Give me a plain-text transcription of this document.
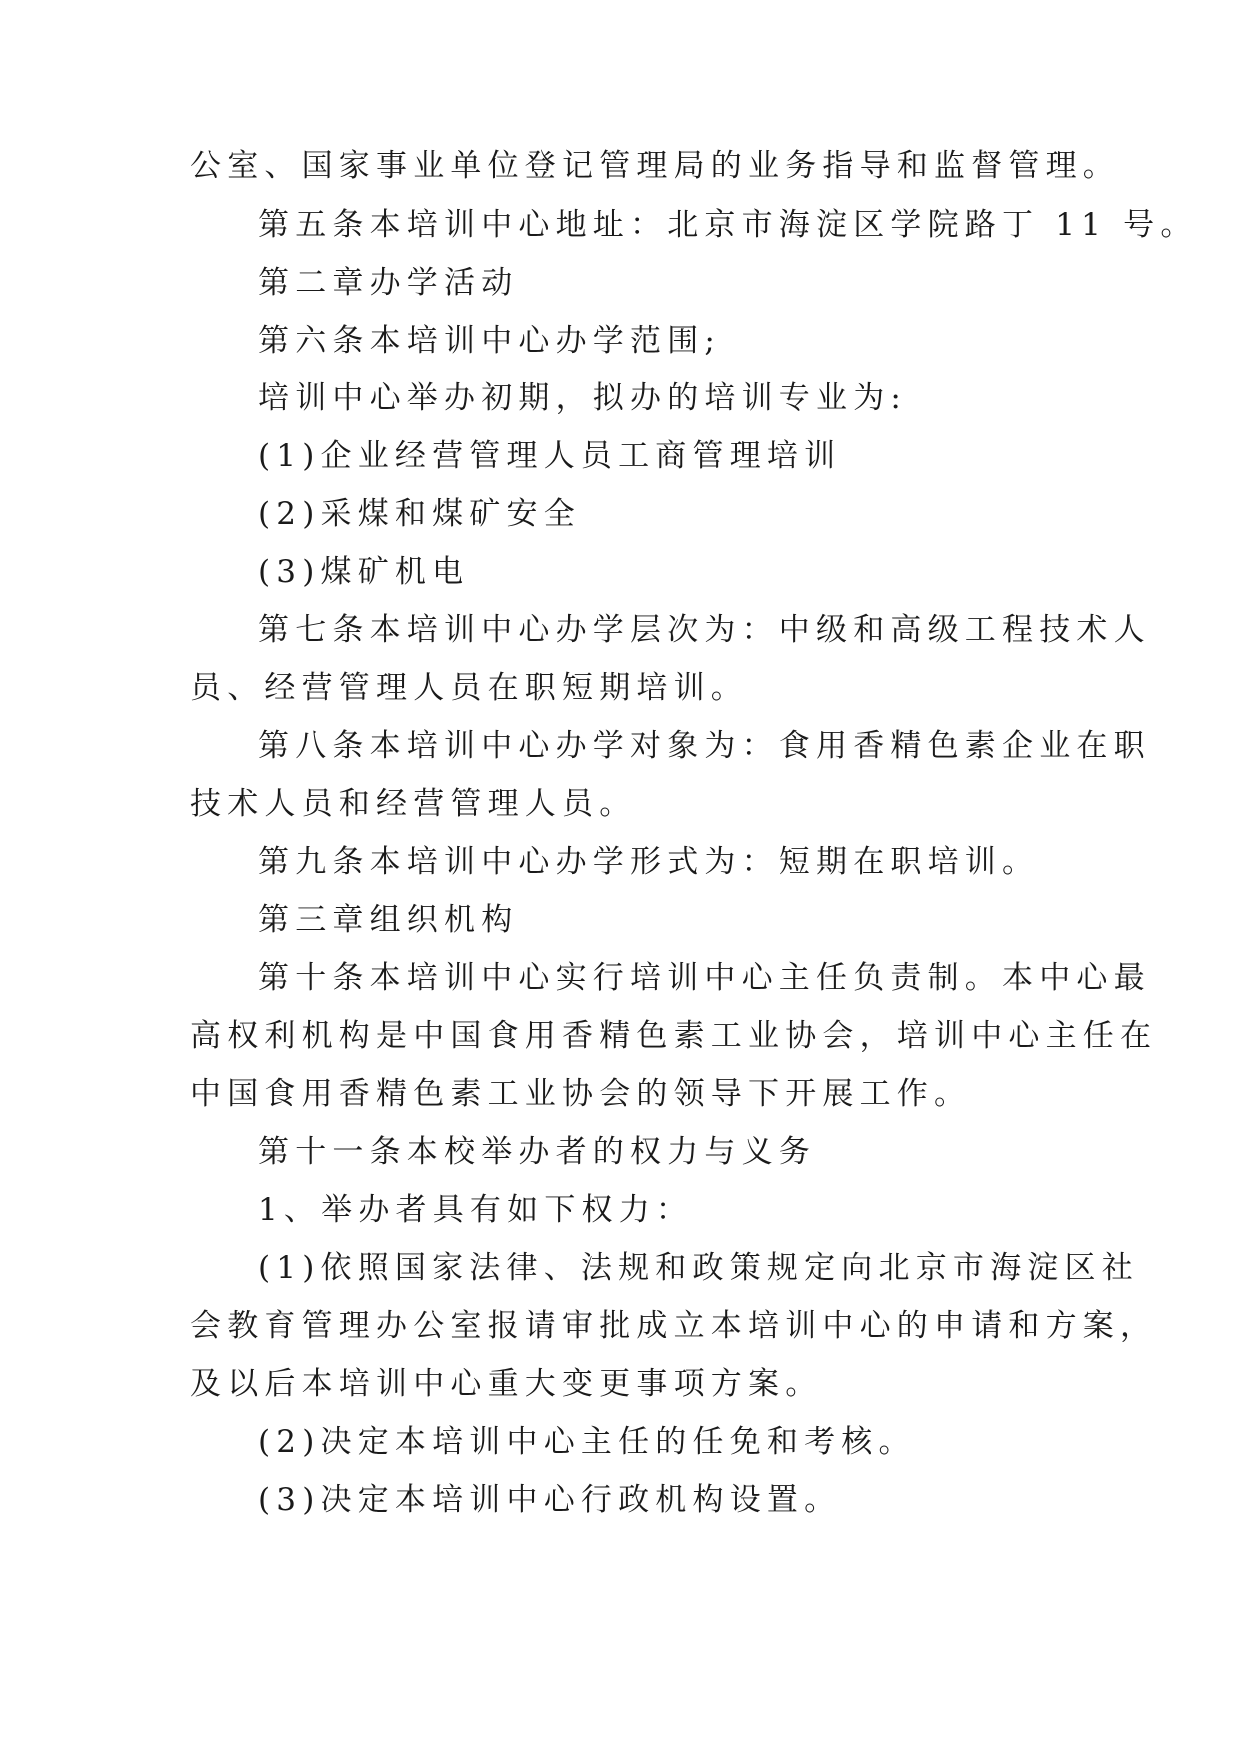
公室、国家事业单位登记管理局的业务指导和监督管理。
第五条本培训中心地址：北京市海淀区学院路丁 11 号。
第二章办学活动
第六条本培训中心办学范围;
培训中心举办初期，拟办的培训专业为:
(1)企业经营管理人员工商管理培训
(2)采煤和煤矿安全
(3)煤矿机电
第七条本培训中心办学层次为：中级和高级工程技术人
员、经营管理人员在职短期培训。
第八条本培训中心办学对象为：食用香精色素企业在职
技术人员和经营管理人员。
第九条本培训中心办学形式为：短期在职培训。
第三章组织机构
第十条本培训中心实行培训中心主任负责制。本中心最
高权利机构是中国食用香精色素工业协会，培训中心主任在
中国食用香精色素工业协会的领导下开展工作。
第十一条本校举办者的权力与义务
1、举办者具有如下权力：
(1)依照国家法律、法规和政策规定向北京市海淀区社
会教育管理办公室报请审批成立本培训中心的申请和方案，
及以后本培训中心重大变更事项方案。
(2)决定本培训中心主任的任免和考核。
(3)决定本培训中心行政机构设置。
